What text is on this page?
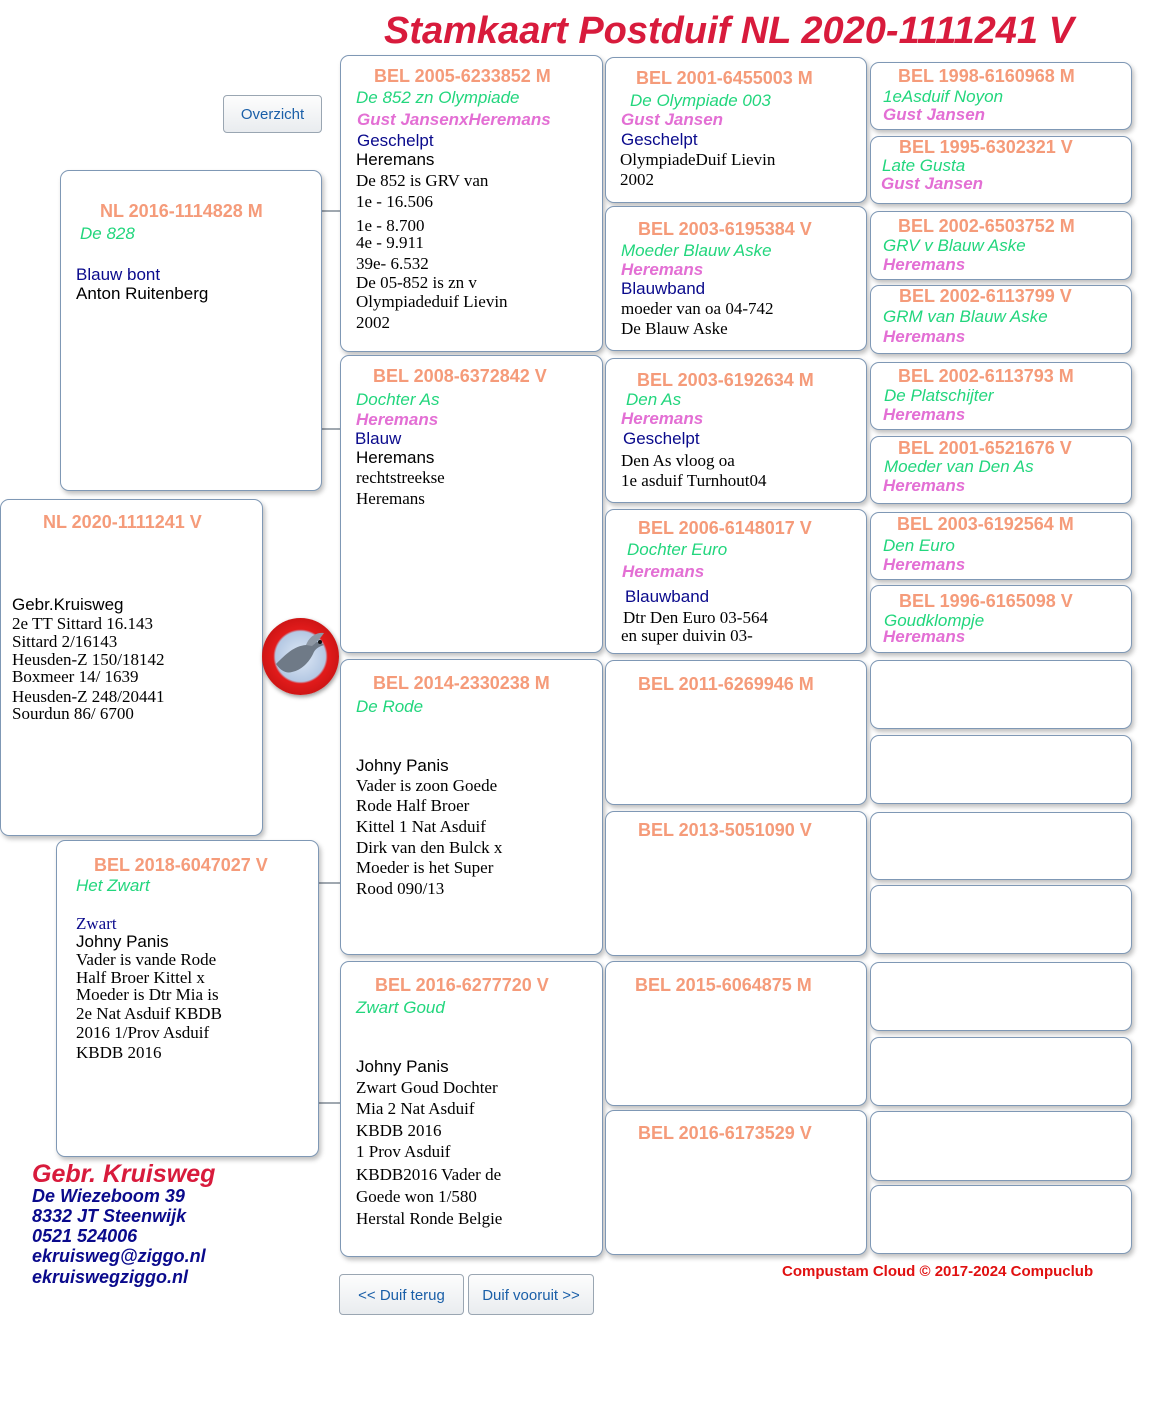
Stamkaart Postduif NL 2020-1111241 V
Overzicht
NL 2016-1114828 M
De 828
Blauw bont
Anton Ruitenberg
NL 2020-1111241 V
Gebr.Kruisweg
2e TT Sittard 16.143
Sittard 2/16143
Heusden-Z 150/18142
Boxmeer 14/ 1639
Heusden-Z 248/20441
Sourdun 86/ 6700
BEL 2018-6047027 V
Het Zwart
Zwart
Johny Panis
Vader is vande Rode
Half Broer Kittel x
Moeder is Dtr Mia is
2e Nat Asduif KBDB
2016 1/Prov Asduif
KBDB 2016
BEL 2005-6233852 M
De 852 zn Olympiade
Gust JansenxHeremans
Geschelpt
Heremans
De 852 is GRV van
1e - 16.506
1e - 8.700
4e - 9.911
39e- 6.532
De 05-852 is zn v
Olympiadeduif Lievin
2002
BEL 2008-6372842 V
Dochter As
Heremans
Blauw
Heremans
rechtstreekse
Heremans
BEL 2014-2330238 M
De Rode
Johny Panis
Vader is zoon Goede
Rode Half Broer
Kittel 1 Nat Asduif
Dirk van den Bulck x
Moeder is het Super
Rood 090/13
BEL 2016-6277720 V
Zwart Goud
Johny Panis
Zwart Goud Dochter
Mia 2 Nat Asduif
KBDB 2016
1 Prov Asduif
KBDB2016 Vader de
Goede won 1/580
Herstal Ronde Belgie
BEL 2001-6455003 M
De Olympiade 003
Gust Jansen
Geschelpt
OlympiadeDuif Lievin
2002
BEL 2003-6195384 V
Moeder Blauw Aske
Heremans
Blauwband
moeder van oa 04-742
De Blauw Aske
BEL 2003-6192634 M
Den As
Heremans
Geschelpt
Den As vloog oa
1e asduif Turnhout04
BEL 2006-6148017 V
Dochter Euro
Heremans
Blauwband
Dtr Den Euro 03-564
en super duivin 03-
BEL 2011-6269946 M
BEL 2013-5051090 V
BEL 2015-6064875 M
BEL 2016-6173529 V
BEL 1998-6160968 M
1eAsduif Noyon
Gust Jansen
BEL 1995-6302321 V
Late Gusta
Gust Jansen
BEL 2002-6503752 M
GRV v Blauw Aske
Heremans
BEL 2002-6113799 V
GRM van Blauw Aske
Heremans
BEL 2002-6113793 M
De Platschijter
Heremans
BEL 2001-6521676 V
Moeder van Den As
Heremans
BEL 2003-6192564 M
Den Euro
Heremans
BEL 1996-6165098 V
Goudklompje
Heremans
Gebr. Kruisweg
De Wiezeboom 39
8332 JT Steenwijk
0521 524006
ekruisweg@ziggo.nl
ekruiswegziggo.nl
<< Duif terug	Duif vooruit >>
Compustam Cloud © 2017-2024 Compuclub
